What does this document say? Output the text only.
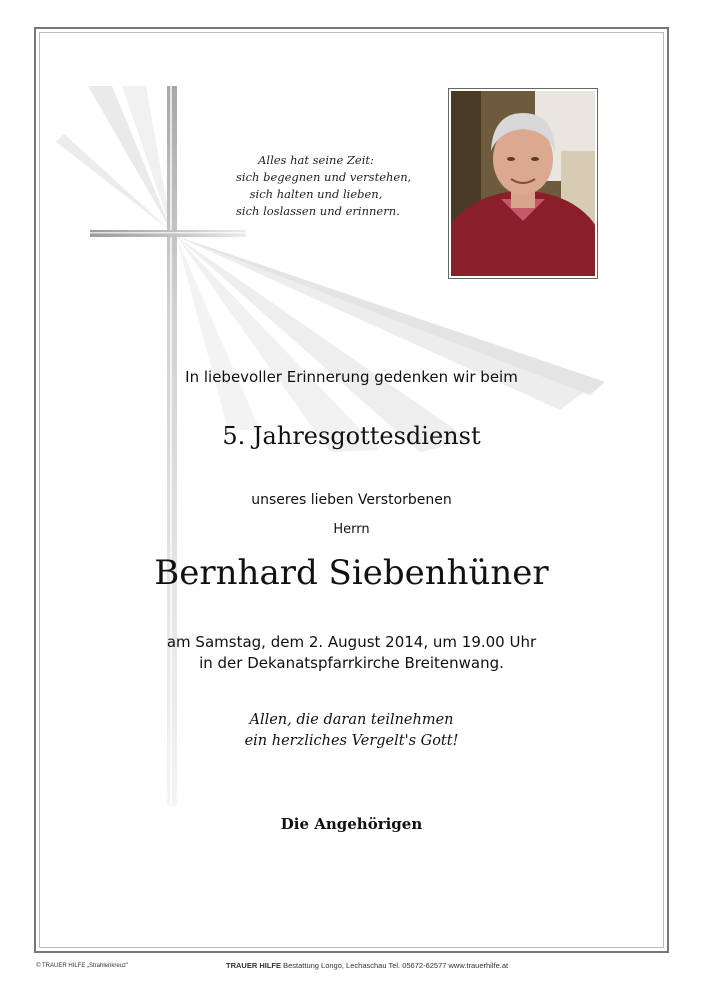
Alles hat seine Zeit:
sich begegnen und verstehen,
sich halten und lieben,
sich loslassen und erinnern.
In liebevoller Erinnerung gedenken wir beim
5. Jahresgottesdienst
unseres lieben Verstorbenen
Herrn
Bernhard Siebenhüner
am Samstag, dem 2. August 2014, um 19.00 Uhr
in der Dekanatspfarrkirche Breitenwang.
Allen, die daran teilnehmen
ein herzliches Vergelt's Gott!
Die Angehörigen
© TRAUER HILFE „Strahlenkreuz"	TRAUER HILFE Bestattung Longo, Lechaschau Tel. 05672-62577 www.trauerhilfe.at
